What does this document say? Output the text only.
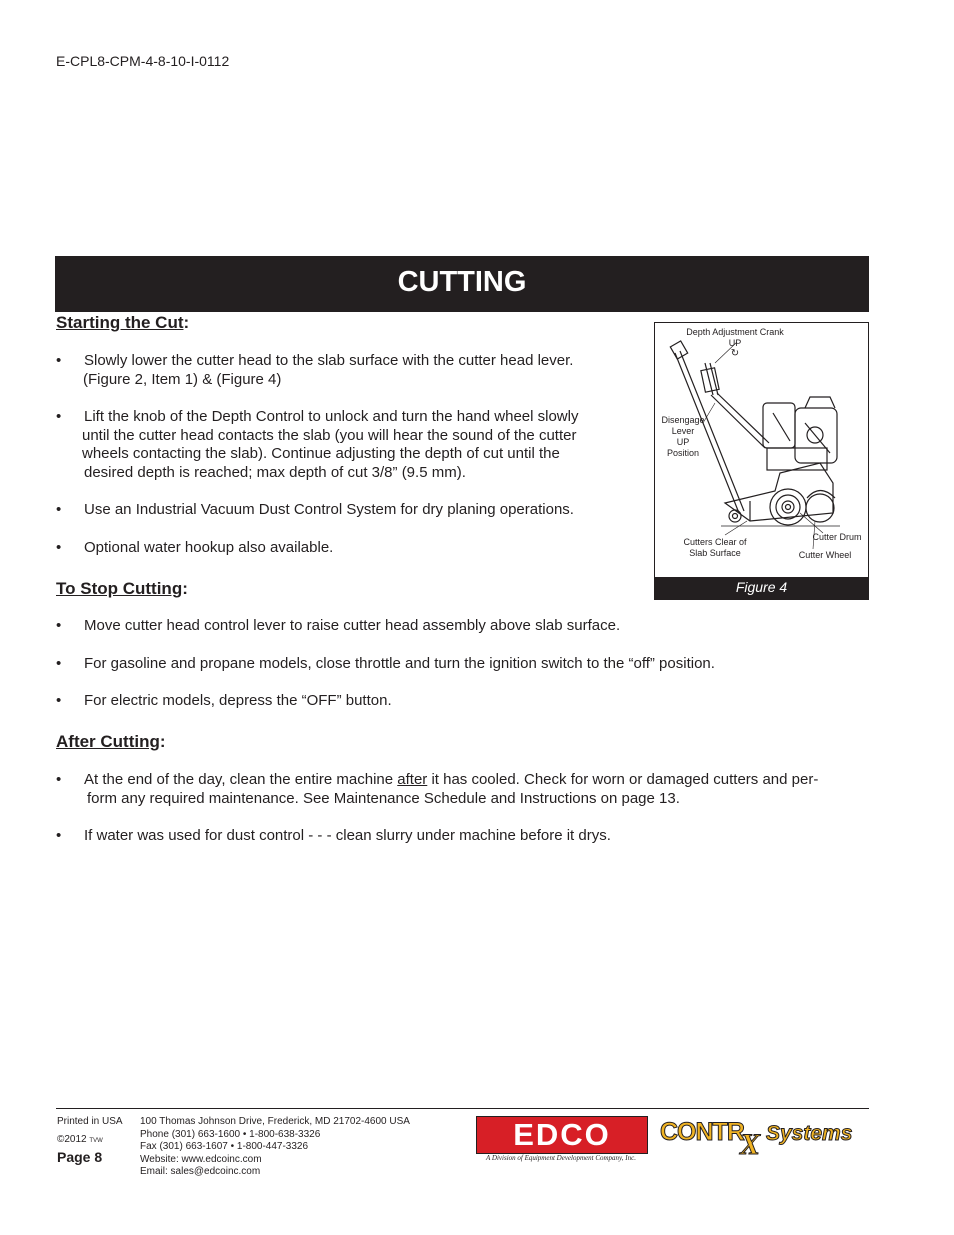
E-CPL8-CPM-4-8-10-I-0112
CUTTING
Starting the Cut:
• Slowly lower the cutter head to the slab surface with the cutter head lever.
(Figure 2, Item 1) & (Figure 4)
• Lift the knob of the Depth Control to unlock and turn the hand wheel slowly
until the cutter head contacts the slab (you will hear the sound of the cutter
wheels contacting the slab). Continue adjusting the depth of cut until the
desired depth is reached; max depth of cut 3/8” (9.5 mm).
• Use an Industrial Vacuum Dust Control System for dry planing operations.
• Optional water hookup also available.
Depth Adjustment Crank
UP
↻
Disengage
Lever
UP
Position
Cutters Clear of
Slab Surface
Cutter Drum
Cutter Wheel
Figure 4
To Stop Cutting:
• Move cutter head control lever to raise cutter head assembly above slab surface.
• For gasoline and propane models, close throttle and turn the ignition switch to the “off” position.
• For electric models, depress the “OFF” button.
After Cutting:
• At the end of the day, clean the entire machine after it has cooled. Check for worn or damaged cutters and per-
form any required maintenance. See Maintenance Schedule and Instructions on page 13.
• If water was used for dust control - - - clean slurry under machine before it drys.
Printed in USA
©2012 TVW
Page 8
100 Thomas Johnson Drive, Frederick, MD 21702-4600 USA
Phone (301) 663-1600 • 1-800-638-3326
Fax (301) 663-1607 • 1-800-447-3326
Website: www.edcoinc.com
Email: sales@edcoinc.com
EDCO
A Division of Equipment Development Company, Inc.
CONTR
X Systems
